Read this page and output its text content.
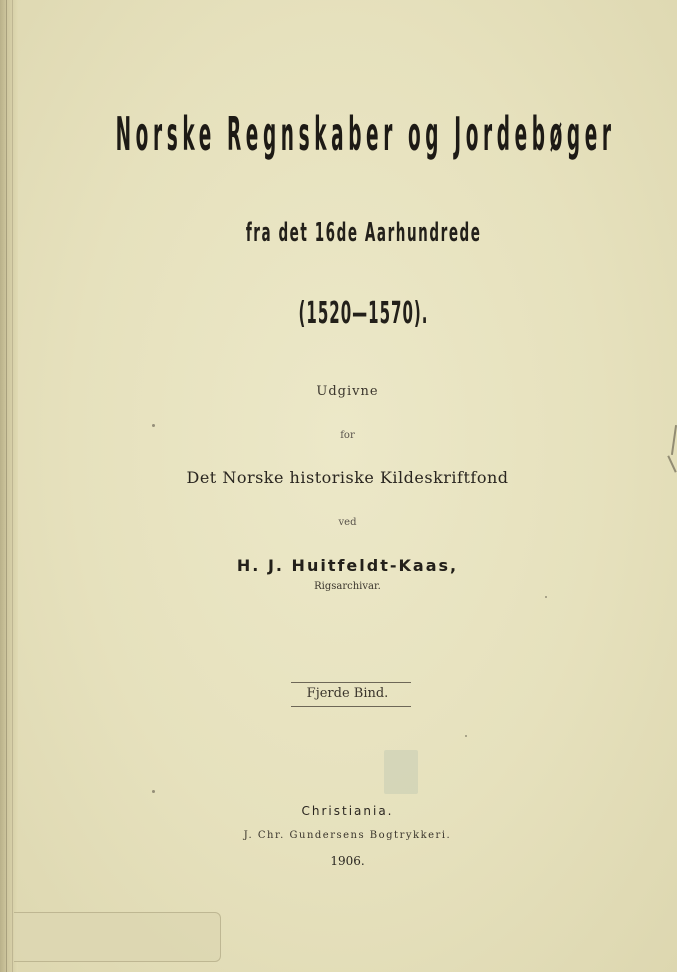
Norske Regnskaber og Jordebøger
fra det 16de Aarhundrede
(1520—1570).
Udgivne
for
Det Norske historiske Kildeskriftfond
ved
H. J. Huitfeldt-Kaas,
Rigsarchivar.
Fjerde Bind.
Christiania.
J. Chr. Gundersens Bogtrykkeri.
1906.
